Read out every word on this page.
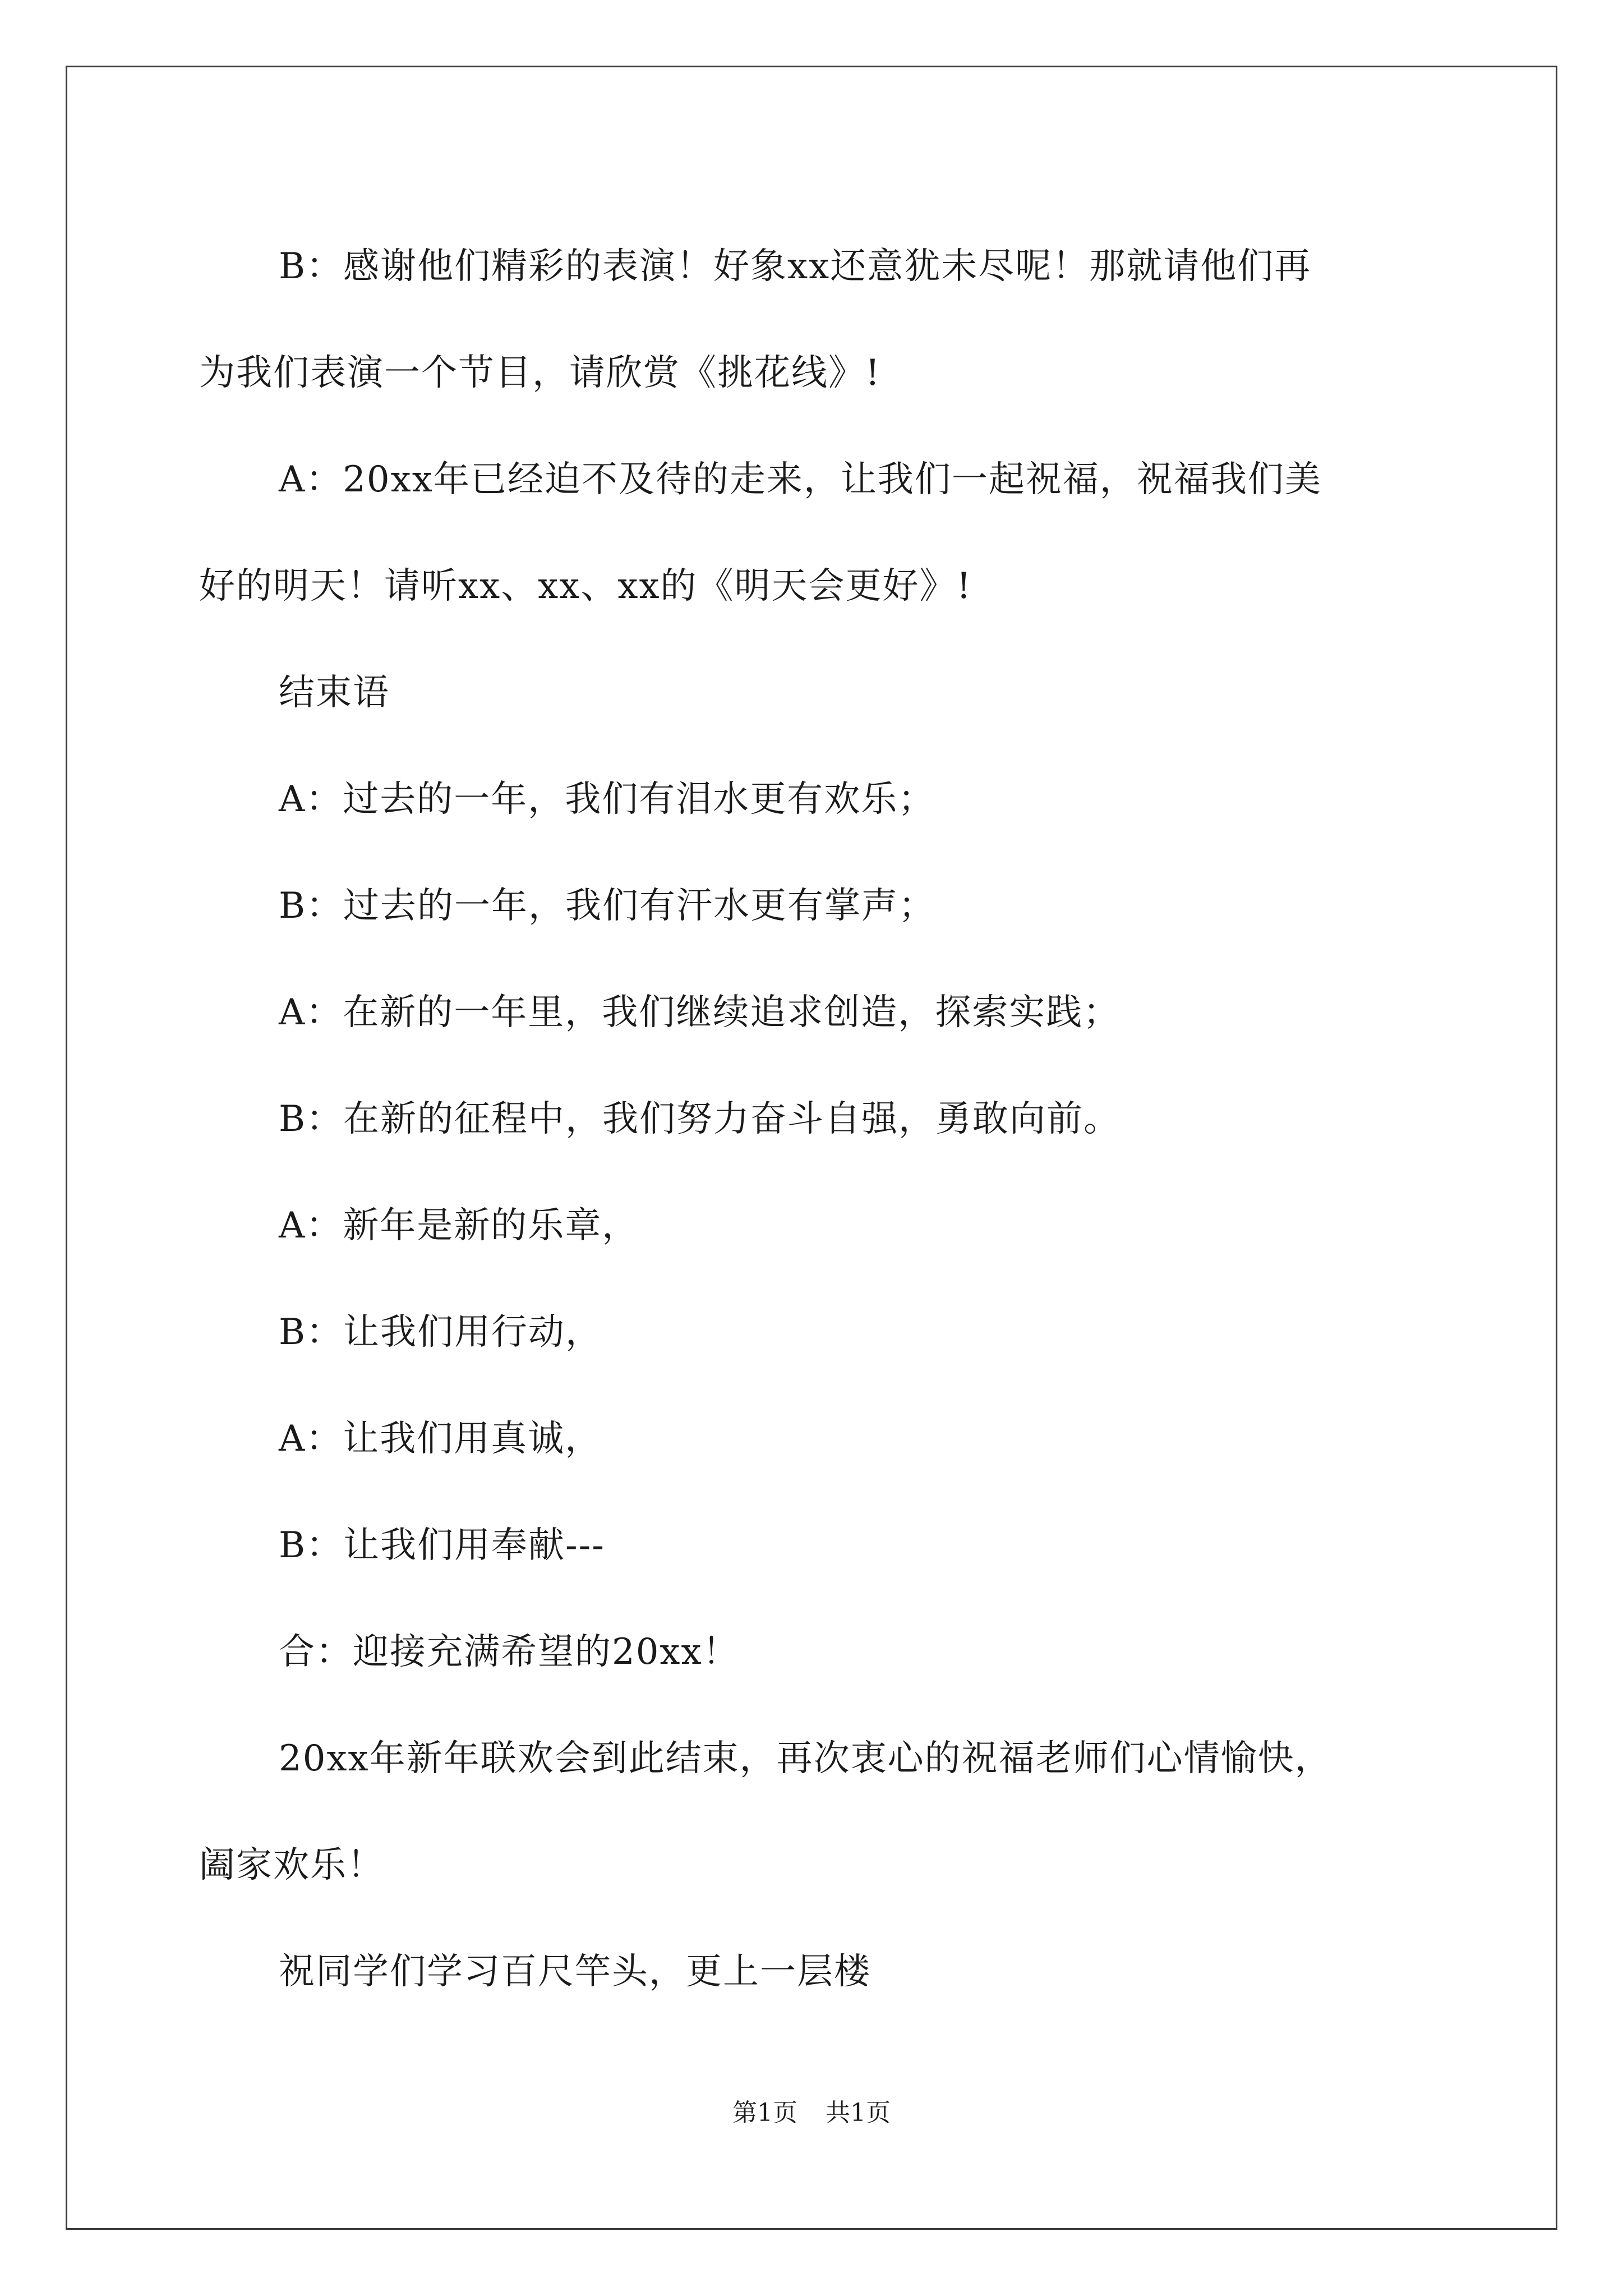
B：感谢他们精彩的表演！好象xx还意犹未尽呢！那就请他们再

为我们表演一个节目，请欣赏《挑花线》!

A：20xx年已经迫不及待的走来，让我们一起祝福，祝福我们美

好的明天！请听xx、xx、xx的《明天会更好》!

结束语

A：过去的一年，我们有泪水更有欢乐；

B：过去的一年，我们有汗水更有掌声；

A：在新的一年里，我们继续追求创造，探索实践；

B：在新的征程中，我们努力奋斗自强，勇敢向前。

A：新年是新的乐章，

B：让我们用行动，

A：让我们用真诚，

B：让我们用奉献---

合：迎接充满希望的20xx！

20xx年新年联欢会到此结束，再次衷心的祝福老师们心情愉快，

阖家欢乐！

祝同学们学习百尺竿头，更上一层楼

第1页 共1页
